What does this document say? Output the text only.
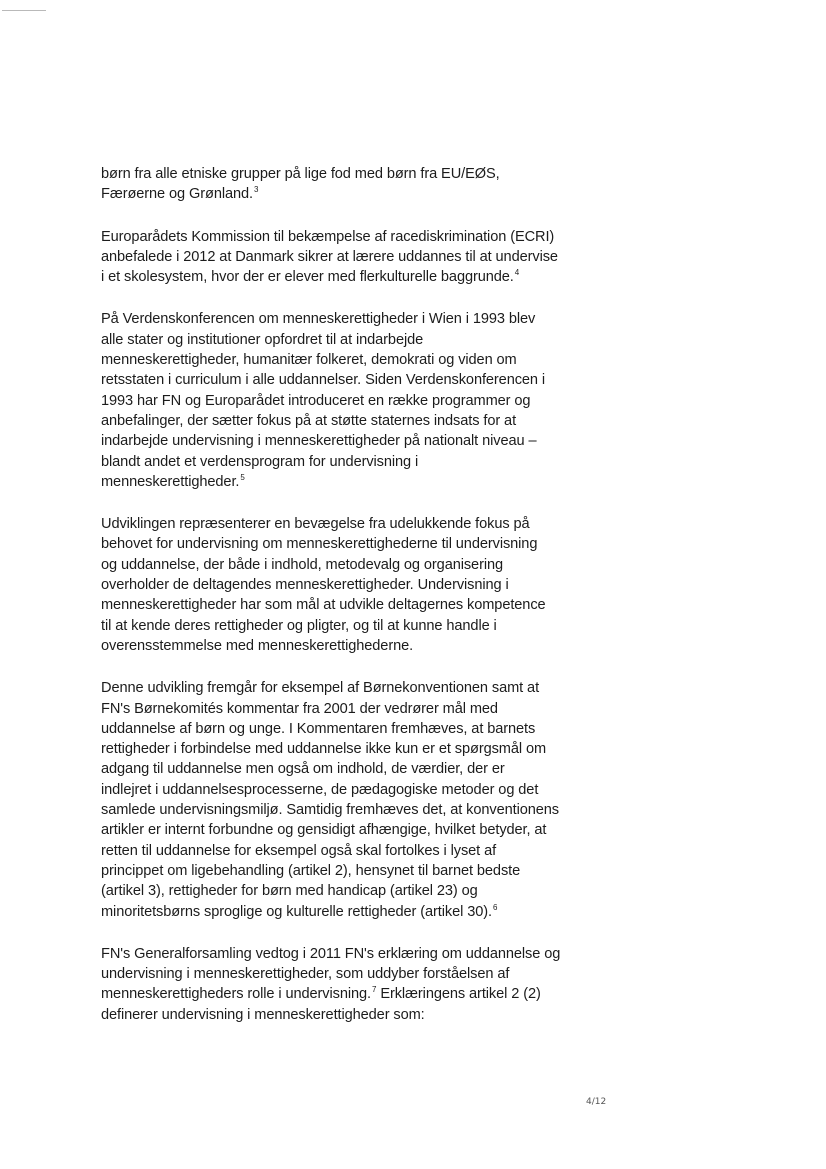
børn fra alle etniske grupper på lige fod med børn fra EU/EØS,
Færøerne og Grønland.$^3$

Europarådets Kommission til bekæmpelse af racediskrimination (ECRI)
anbefalede i 2012 at Danmark sikrer at lærere uddannes til at undervise
i et skolesystem, hvor der er elever med flerkulturelle baggrunde.$^4$

På Verdenskonferencen om menneskerettigheder i Wien i 1993 blev
alle stater og institutioner opfordret til at indarbejde
menneskerettigheder, humanitær folkeret, demokrati og viden om
retsstaten i curriculum i alle uddannelser. Siden Verdenskonferencen i
1993 har FN og Europarådet introduceret en række programmer og
anbefalinger, der sætter fokus på at støtte staternes indsats for at
indarbejde undervisning i menneskerettigheder på nationalt niveau –
blandt andet et verdensprogram for undervisning i
menneskerettigheder.$^5$

Udviklingen repræsenterer en bevægelse fra udelukkende fokus på
behovet for undervisning om menneskerettighederne til undervisning
og uddannelse, der både i indhold, metodevalg og organisering
overholder de deltagendes menneskerettigheder. Undervisning i
menneskerettigheder har som mål at udvikle deltagernes kompetence
til at kende deres rettigheder og pligter, og til at kunne handle i
overensstemmelse med menneskerettighederne.

Denne udvikling fremgår for eksempel af Børnekonventionen samt at
FN's Børnekomités kommentar fra 2001 der vedrører mål med
uddannelse af børn og unge. I Kommentaren fremhæves, at barnets
rettigheder i forbindelse med uddannelse ikke kun er et spørgsmål om
adgang til uddannelse men også om indhold, de værdier, der er
indlejret i uddannelsesprocesserne, de pædagogiske metoder og det
samlede undervisningsmiljø. Samtidig fremhæves det, at konventionens
artikler er internt forbundne og gensidigt afhængige, hvilket betyder, at
retten til uddannelse for eksempel også skal fortolkes i lyset af
princippet om ligebehandling (artikel 2), hensynet til barnet bedste
(artikel 3), rettigheder for børn med handicap (artikel 23) og
minoritetsbørns sproglige og kulturelle rettigheder (artikel 30).$^6$

FN's Generalforsamling vedtog i 2011 FN's erklæring om uddannelse og
undervisning i menneskerettigheder, som uddyber forståelsen af
menneskerettigheders rolle i undervisning.$^7$ Erklæringens artikel 2 (2)
definerer undervisning i menneskerettigheder som:

4/12
